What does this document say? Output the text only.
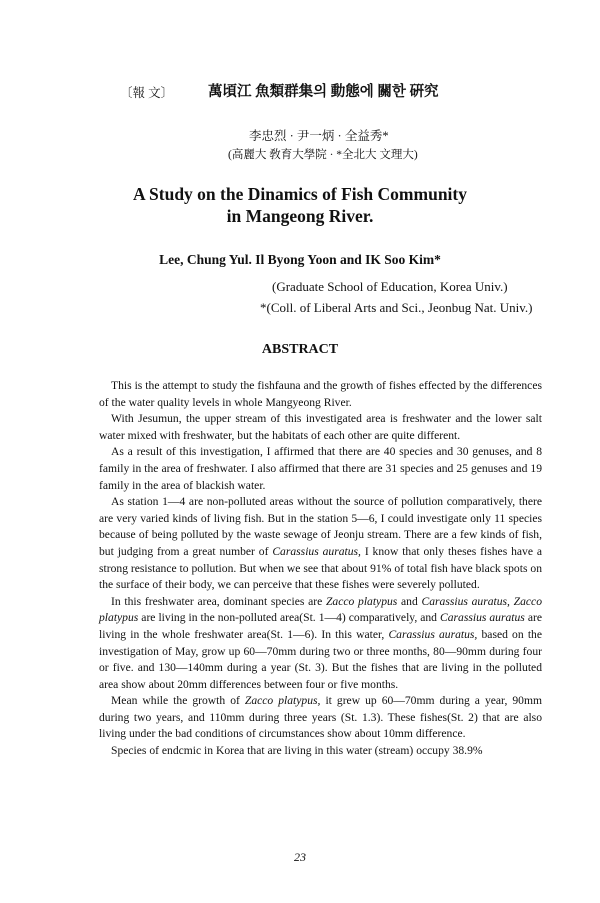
〔報 文〕 萬頃江 魚類群集의 動態에 關한 硏究
李忠烈 · 尹一炳 · 全益秀*
(高麗大 敎育大學院 · *全北大 文理大)
A Study on the Dinamics of Fish Community
in Mangeong River.
Lee, Chung Yul. Il Byong Yoon and IK Soo Kim*
(Graduate School of Education, Korea Univ.)
*(Coll. of Liberal Arts and Sci., Jeonbug Nat. Univ.)
ABSTRACT

This is the attempt to study the fishfauna and the growth of fishes effected by the differences of the water quality levels in whole Mangyeong River.

With Jesumun, the upper stream of this investigated area is freshwater and the lower salt water mixed with freshwater, but the habitats of each other are quite different.

As a result of this investigation, I affirmed that there are 40 species and 30 genuses, and 8 family in the area of freshwater. I also affirmed that there are 31 species and 25 genuses and 19 family in the area of blackish water.

As station 1—4 are non-polluted areas without the source of pollution comparatively, there are very varied kinds of living fish. But in the station 5—6, I could investigate only 11 species because of being polluted by the waste sewage of Jeonju stream. There are a few kinds of fish, but judging from a great number of Carassius auratus, I know that only theses fishes have a strong resistance to pollution. But when we see that about 91% of total fish have black spots on the surface of their body, we can perceive that these fishes were severely polluted.

In this freshwater area, dominant species are Zacco platypus and Carassius auratus, Zacco platypus are living in the non-polluted area(St. 1—4) comparatively, and Carassius auratus are living in the whole freshwater area(St. 1—6). In this water, Carassius auratus, based on the investigation of May, grow up 60—70mm during two or three months, 80—90mm during four or five. and 130—140mm during a year (St. 3). But the fishes that are living in the polluted area show about 20mm differences between four or five months.

Mean while the growth of Zacco platypus, it grew up 60—70mm during a year, 90mm during two years, and 110mm during three years (St. 1.3). These fishes(St. 2) that are also living under the bad conditions of circumstances show about 10mm difference.

Species of endcmic in Korea that are living in this water (stream) occupy 38.9%

23
